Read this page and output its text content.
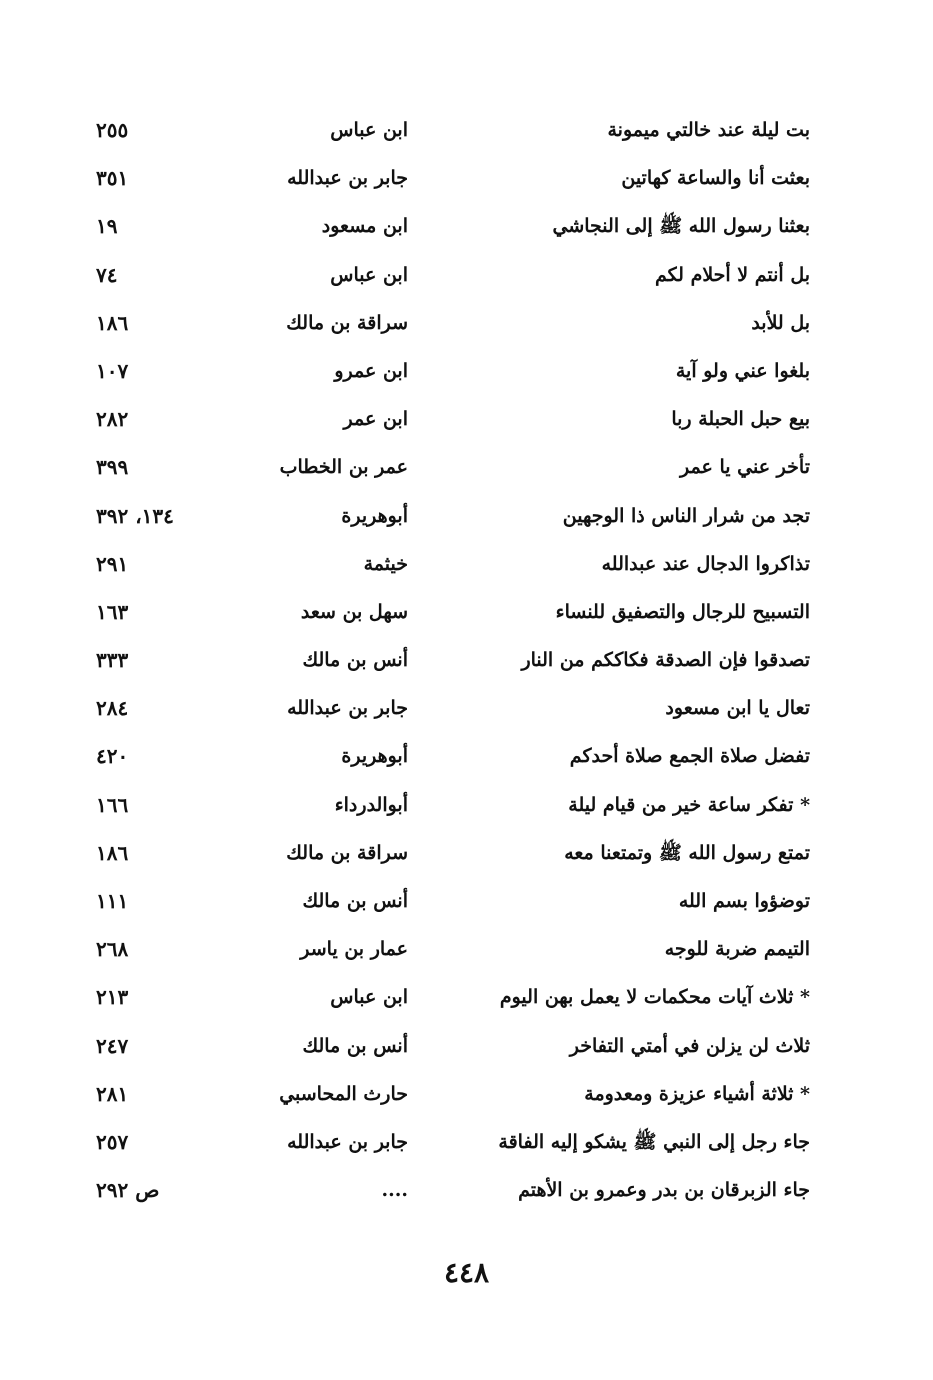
بت ليلة عند خالتي ميمونة
ابن عباس
٢٥٥
بعثت أنا والساعة كهاتين
جابر بن عبدالله
٣٥١
بعثنا رسول الله ﷺ إلى النجاشي
ابن مسعود
١٩
بل أنتم لا أحلام لكم
ابن عباس
٧٤
بل للأبد
سراقة بن مالك
١٨٦
بلغوا عني ولو آية
ابن عمرو
١٠٧
بيع حبل الحبلة ربا
ابن عمر
٢٨٢
تأخر عني يا عمر
عمر بن الخطاب
٣٩٩
تجد من شرار الناس ذا الوجهين
أبوهريرة
١٣٤، ٣٩٢
تذاكروا الدجال عند عبدالله
خيثمة
٢٩١
التسبيح للرجال والتصفيق للنساء
سهل بن سعد
١٦٣
تصدقوا فإن الصدقة فكاككم من النار
أنس بن مالك
٣٣٣
تعال يا ابن مسعود
جابر بن عبدالله
٢٨٤
تفضل صلاة الجمع صلاة أحدكم
أبوهريرة
٤٢٠
* تفكر ساعة خير من قيام ليلة
أبوالدرداء
١٦٦
تمتع رسول الله ﷺ وتمتعنا معه
سراقة بن مالك
١٨٦
توضؤوا بسم الله
أنس بن مالك
١١١
التيمم ضربة للوجه
عمار بن ياسر
٢٦٨
* ثلاث آيات محكمات لا يعمل بهن اليوم
ابن عباس
٢١٣
ثلاث لن يزلن في أمتي التفاخر
أنس بن مالك
٢٤٧
* ثلاثة أشياء عزيزة ومعدومة
حارث المحاسبي
٢٨١
جاء رجل إلى النبي ﷺ يشكو إليه الفاقة
جابر بن عبدالله
٢٥٧
جاء الزبرقان بن بدر وعمرو بن الأهتم
....
ص ٢٩٢
٤٤٨
